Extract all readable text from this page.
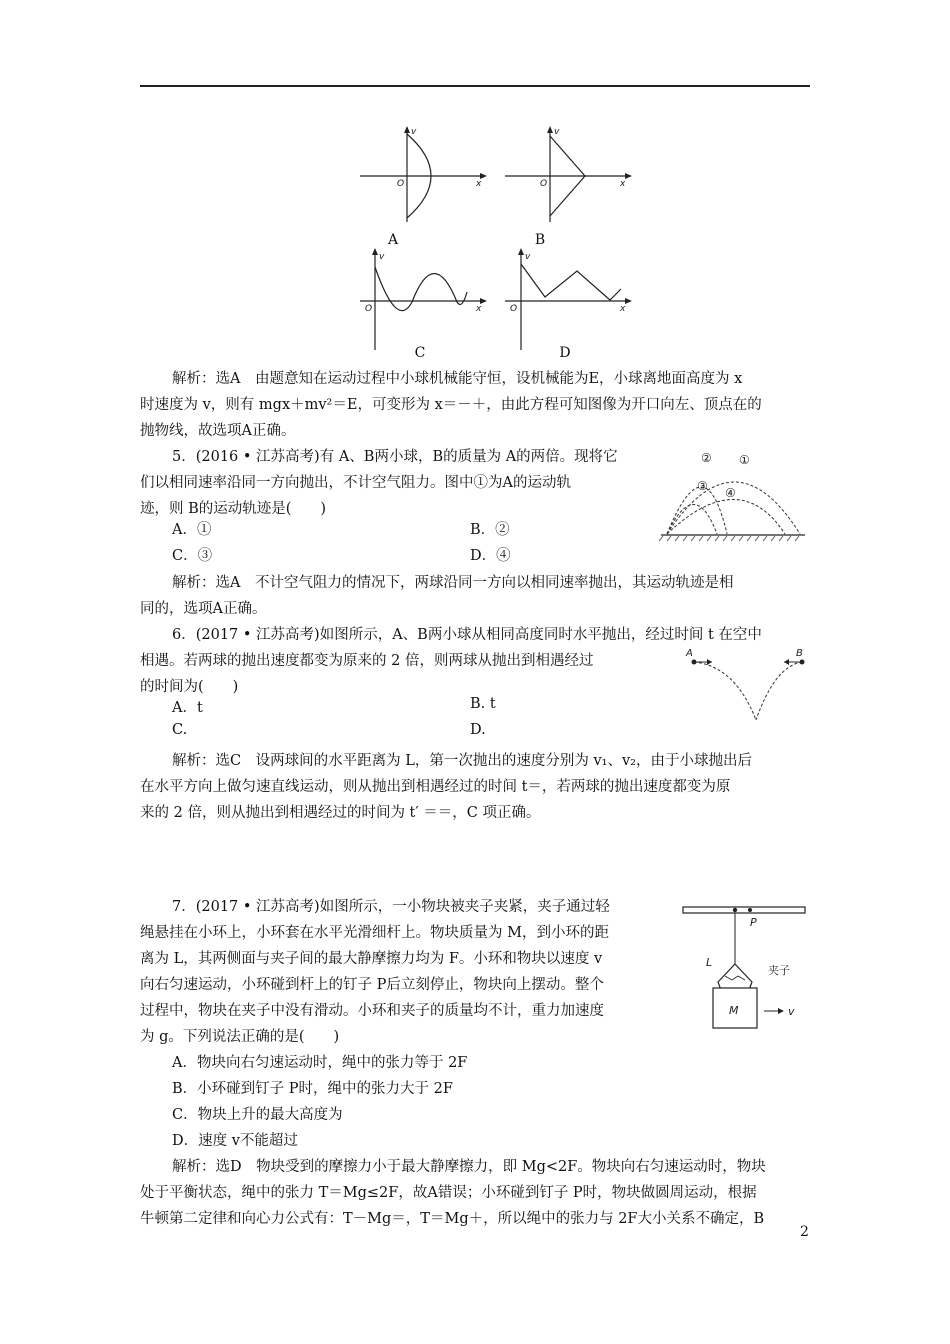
v
x
O
v
x
O
v
x
O
v
x
O
A	B
C	D
解析：选A　由题意知在运动过程中小球机械能守恒，设机械能为E，小球离地面高度为 x
时速度为 v，则有 mgx＋mv²＝E，可变形为 x＝－＋，由此方程可知图像为开口向左、顶点在的
抛物线，故选项A正确。
5．(2016 • 江苏高考)有 A、B两小球，B的质量为 A的两倍。现将它
们以相同速率沿同一方向抛出，不计空气阻力。图中①为A的运动轨
迹，则 B的运动轨迹是(　　)
A．①	B．②
C．③	D．④
② ①
③ ④
解析：选A　不计空气阻力的情况下，两球沿同一方向以相同速率抛出，其运动轨迹是相
同的，选项A正确。
6．(2017 • 江苏高考)如图所示，A、B两小球从相同高度同时水平抛出，经过时间 t 在空中
相遇。若两球的抛出速度都变为原来的 2 倍，则两球从抛出到相遇经过
的时间为(　　)
A．t	B. t
C.	D.
A	B
解析：选C　设两球间的水平距离为 L，第一次抛出的速度分别为 v₁、v₂，由于小球抛出后
在水平方向上做匀速直线运动，则从抛出到相遇经过的时间 t＝，若两球的抛出速度都变为原
来的 2 倍，则从抛出到相遇经过的时间为 t′ ＝＝，C 项正确。
7．(2017 • 江苏高考)如图所示，一小物块被夹子夹紧，夹子通过轻
绳悬挂在小环上，小环套在水平光滑细杆上。物块质量为 M，到小环的距
离为 L，其两侧面与夹子间的最大静摩擦力均为 F。小环和物块以速度 v
向右匀速运动，小环碰到杆上的钉子 P后立刻停止，物块向上摆动。整个
过程中，物块在夹子中没有滑动。小环和夹子的质量均不计，重力加速度
为 g。下列说法正确的是(　　)
A．物块向右匀速运动时，绳中的张力等于 2F
B．小环碰到钉子 P时，绳中的张力大于 2F
C．物块上升的最大高度为
D．速度 v不能超过
P
L
夹子
M	v
解析：选D　物块受到的摩擦力小于最大静摩擦力，即 Mg<2F。物块向右匀速运动时，物块
处于平衡状态，绳中的张力 T＝Mg≤2F，故A错误；小环碰到钉子 P时，物块做圆周运动，根据
牛顿第二定律和向心力公式有：T－Mg＝，T＝Mg＋，所以绳中的张力与 2F大小关系不确定，B
2
